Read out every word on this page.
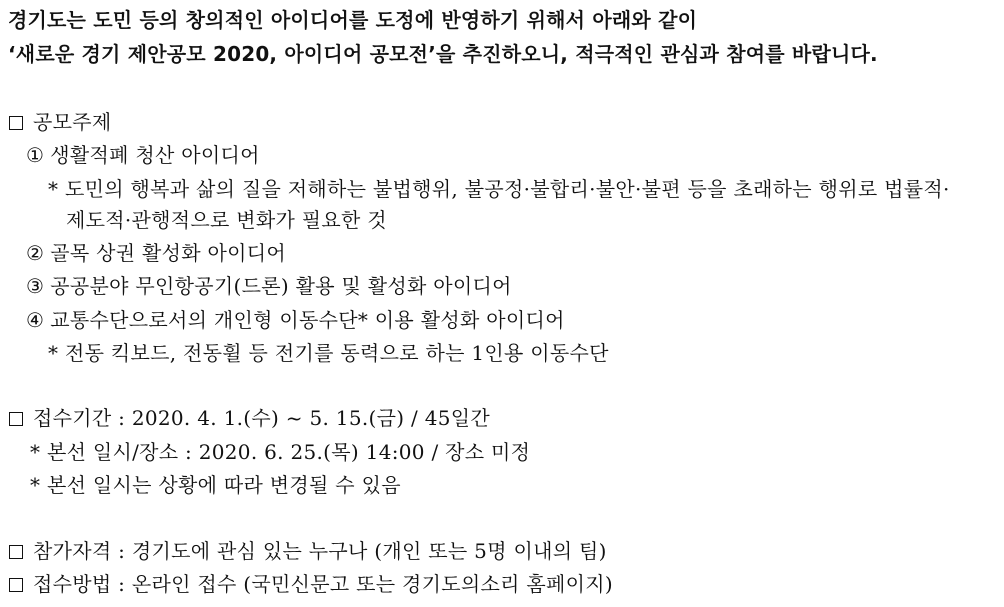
경기도는 도민 등의 창의적인 아이디어를 도정에 반영하기 위해서 아래와 같이
‘새로운 경기 제안공모 2020, 아이디어 공모전’을 추진하오니, 적극적인 관심과 참여를 바랍니다.
공모주제
① 생활적폐 청산 아이디어
* 도민의 행복과 삶의 질을 저해하는 불법행위, 불공정·불합리·불안·불편 등을 초래하는 행위로 법률적·
제도적·관행적으로 변화가 필요한 것
② 골목 상권 활성화 아이디어
③ 공공분야 무인항공기(드론) 활용 및 활성화 아이디어
④ 교통수단으로서의 개인형 이동수단* 이용 활성화 아이디어
* 전동 킥보드, 전동휠 등 전기를 동력으로 하는 1인용 이동수단
접수기간 : 2020. 4. 1.(수) ~ 5. 15.(금) / 45일간
* 본선 일시/장소 : 2020. 6. 25.(목) 14:00 / 장소 미정
* 본선 일시는 상황에 따라 변경될 수 있음
참가자격 : 경기도에 관심 있는 누구나 (개인 또는 5명 이내의 팀)
접수방법 : 온라인 접수 (국민신문고 또는 경기도의소리 홈페이지)
